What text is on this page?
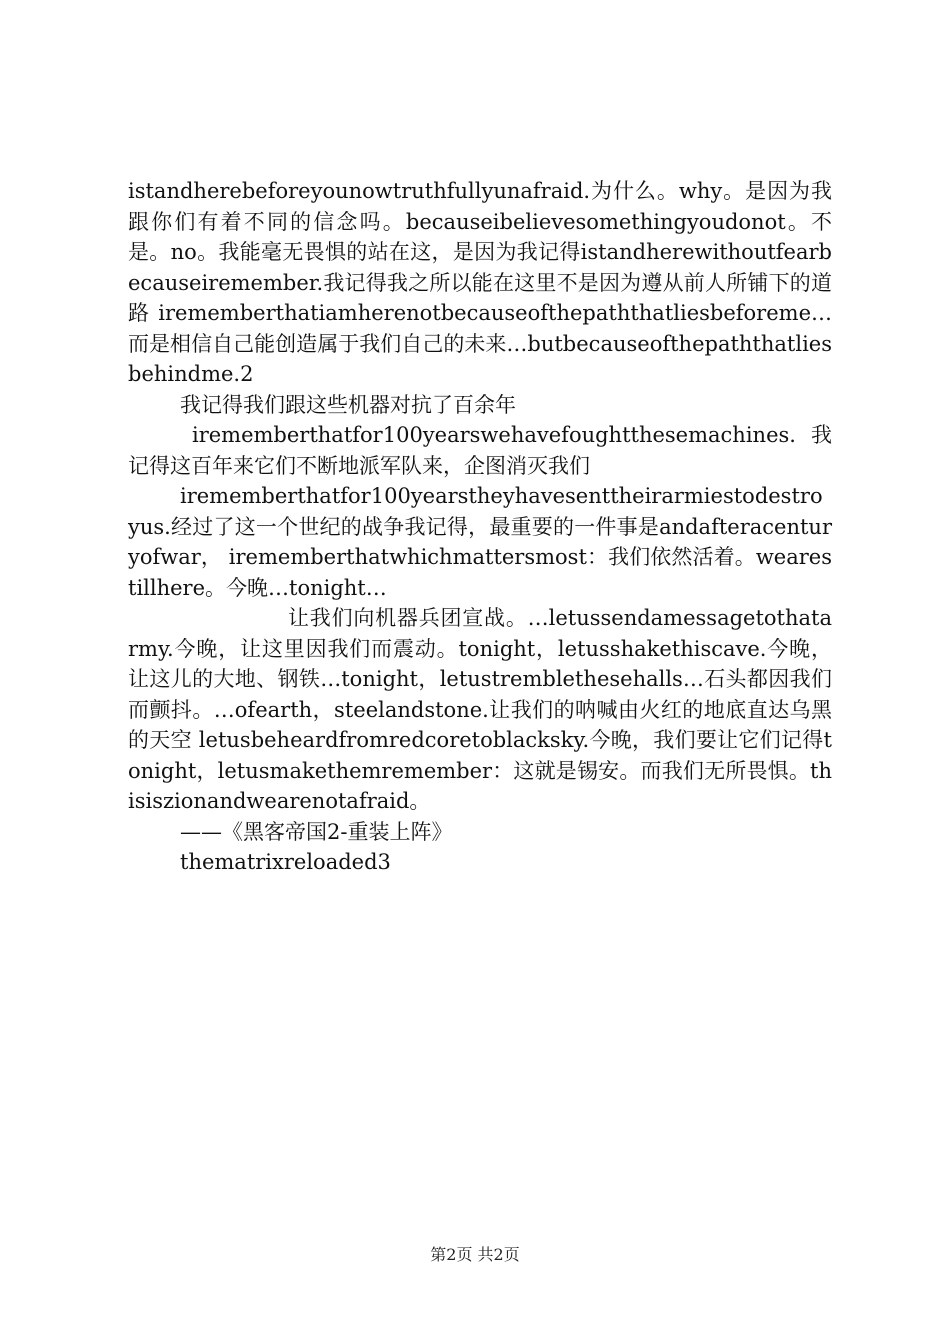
istandherebeforeyounowtruthfullyunafraid.为什么。why。是因为我跟你们有着不同的信念吗。becauseibelievesomethingyoudonot。不是。no。我能毫无畏惧的站在这，是因为我记得istandherewithoutfearbecauseiremember.我记得我之所以能在这里不是因为遵从前人所铺下的道路irememberthatiamherenotbecauseofthepaththatliesbeforeme…而是相信自己能创造属于我们自己的未来…butbecauseofthepaththatliesbehindme.2

我记得我们跟这些机器对抗了百余年

irememberthatfor100yearswehavefoughtthesemachines.我记得这百年来它们不断地派军队来，企图消灭我们

irememberthatfor100yearstheyhavesenttheirarmiestodestroyus.经过了这一个世纪的战争我记得，最重要的一件事是andafteracenturyofwar， irememberthatwhichmattersmost：我们依然活着。wearestillhere。今晚…tonight…

让我们向机器兵团宣战。…letussendamessagetothatarmy.今晚，让这里因我们而震动。tonight，letusshakethiscave.今晚，让这儿的大地、钢铁…tonight，letustremblethesehalls…石头都因我们而颤抖。…ofearth，steelandstone.让我们的呐喊由火红的地底直达乌黑的天空 letusbeheardfromredcoretoblacksky.今晚，我们要让它们记得tonight，letusmakethemremember：这就是锡安。而我们无所畏惧。thisiszionandwearenotafraid。

——《黑客帝国2-重装上阵》

thematrixreloaded3

第2页 共2页
